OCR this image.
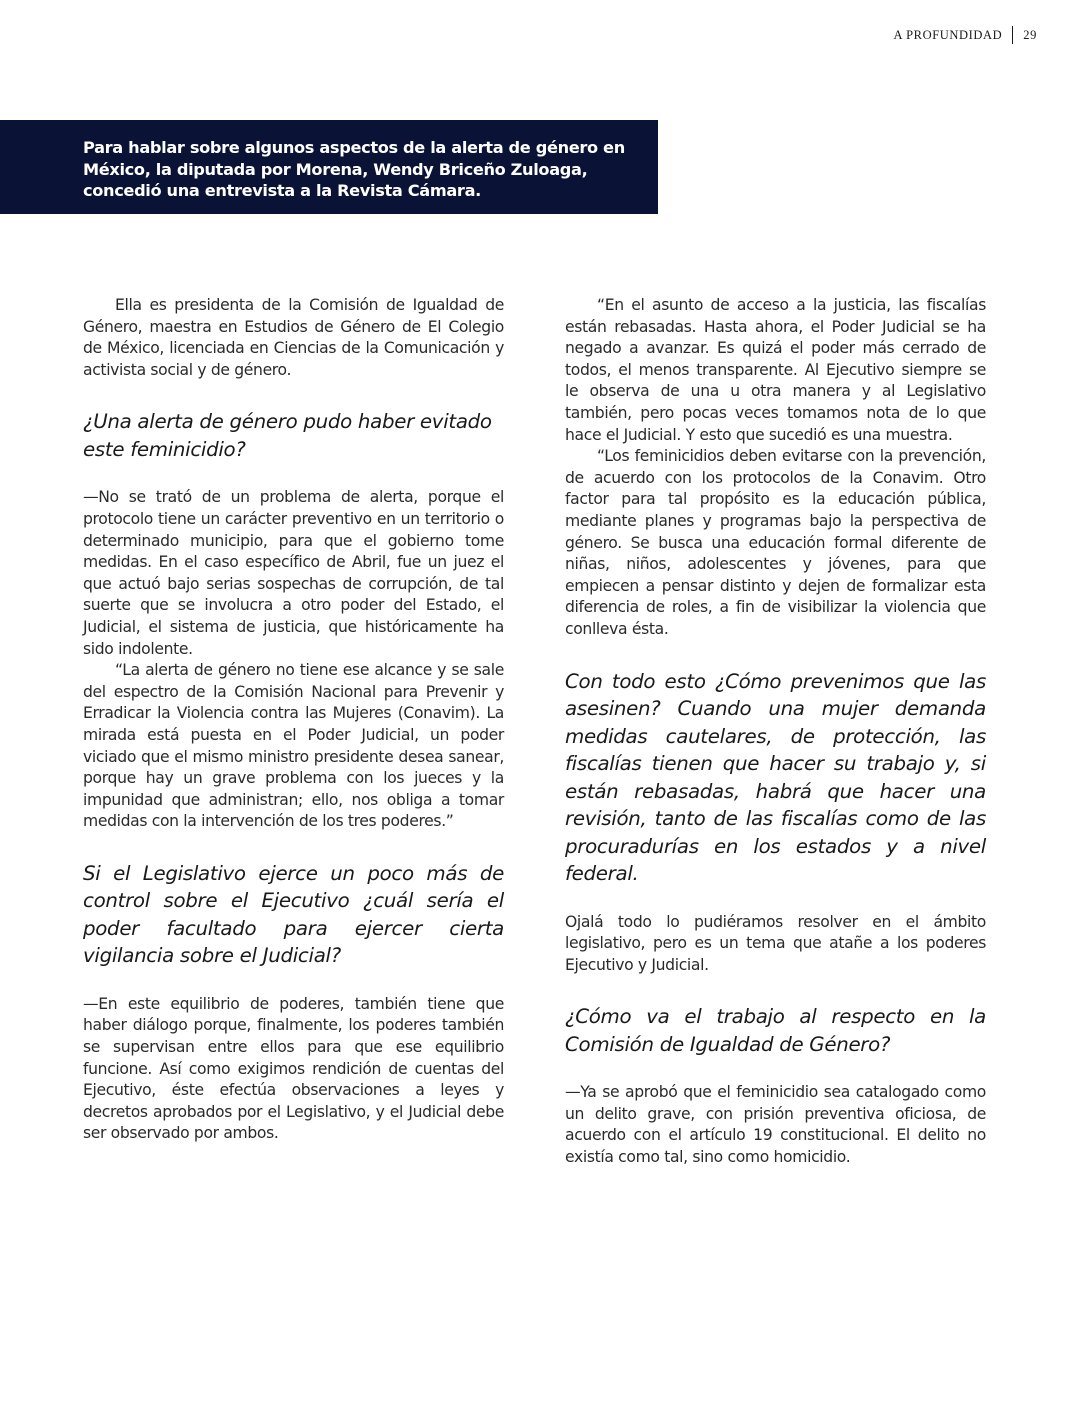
A PROFUNDIDAD 29

Para hablar sobre algunos aspectos de la alerta de género en México, la diputada por Morena, Wendy Briceño Zuloaga, concedió una entrevista a la Revista Cámara.

Ella es presidenta de la Comisión de Igualdad de Género, maestra en Estudios de Género de El Colegio de México, licenciada en Ciencias de la Comunicación y activista social y de género.

¿Una alerta de género pudo haber evitado este feminicidio?

—No se trató de un problema de alerta, porque el protocolo tiene un carácter preventivo en un territorio o determinado municipio, para que el gobierno tome medidas. En el caso específico de Abril, fue un juez el que actuó bajo serias sospechas de corrupción, de tal suerte que se involucra a otro poder del Estado, el Judicial, el sistema de justicia, que históricamente ha sido indolente.

“La alerta de género no tiene ese alcance y se sale del espectro de la Comisión Nacional para Prevenir y Erradicar la Violencia contra las Mujeres (Conavim). La mirada está puesta en el Poder Judicial, un poder viciado que el mismo ministro presidente desea sanear, porque hay un grave problema con los jueces y la impunidad que administran; ello, nos obliga a tomar medidas con la intervención de los tres poderes.”

Si el Legislativo ejerce un poco más de control sobre el Ejecutivo ¿cuál sería el poder facultado para ejercer cierta vigilancia sobre el Judicial?

—En este equilibrio de poderes, también tiene que haber diálogo porque, finalmente, los poderes también se supervisan entre ellos para que ese equilibrio funcione. Así como exigimos rendición de cuentas del Ejecutivo, éste efectúa observaciones a leyes y decretos aprobados por el Legislativo, y el Judicial debe ser observado por ambos.

“En el asunto de acceso a la justicia, las fiscalías están rebasadas. Hasta ahora, el Poder Judicial se ha negado a avanzar. Es quizá el poder más cerrado de todos, el menos transparente. Al Ejecutivo siempre se le observa de una u otra manera y al Legislativo también, pero pocas veces tomamos nota de lo que hace el Judicial. Y esto que sucedió es una muestra.

“Los feminicidios deben evitarse con la prevención, de acuerdo con los protocolos de la Conavim. Otro factor para tal propósito es la educación pública, mediante planes y programas bajo la perspectiva de género. Se busca una educación formal diferente de niñas, niños, adolescentes y jóvenes, para que empiecen a pensar distinto y dejen de formalizar esta diferencia de roles, a fin de visibilizar la violencia que conlleva ésta.

Con todo esto ¿Cómo prevenimos que las asesinen? Cuando una mujer demanda medidas cautelares, de protección, las fiscalías tienen que hacer su trabajo y, si están rebasadas, habrá que hacer una revisión, tanto de las fiscalías como de las procuradurías en los estados y a nivel federal.

Ojalá todo lo pudiéramos resolver en el ámbito legislativo, pero es un tema que atañe a los poderes Ejecutivo y Judicial.

¿Cómo va el trabajo al respecto en la Comisión de Igualdad de Género?

—Ya se aprobó que el feminicidio sea catalogado como un delito grave, con prisión preventiva oficiosa, de acuerdo con el artículo 19 constitucional. El delito no existía como tal, sino como homicidio.
